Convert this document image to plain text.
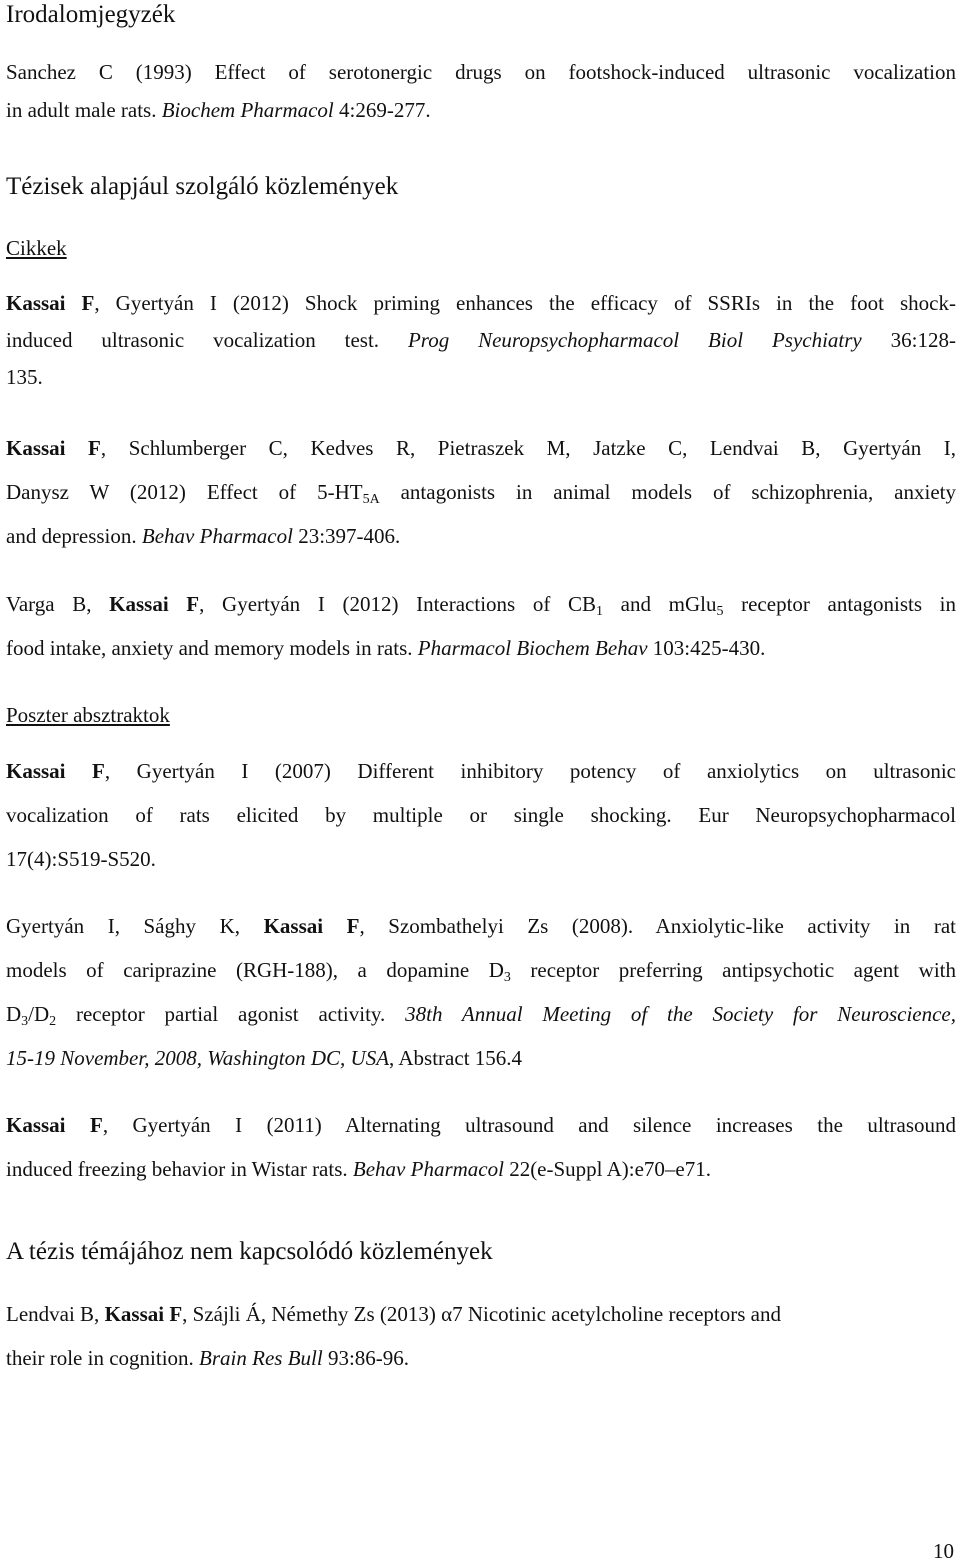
Irodalomjegyzék
Sanchez C (1993) Effect of serotonergic drugs on footshock-induced ultrasonic vocalization
in adult male rats. Biochem Pharmacol 4:269-277.
Tézisek alapjául szolgáló közlemények
Cikkek
Kassai F, Gyertyán I (2012) Shock priming enhances the efficacy of SSRIs in the foot shock-
induced ultrasonic vocalization test. Prog Neuropsychopharmacol Biol Psychiatry 36:128-
135.
Kassai F, Schlumberger C, Kedves R, Pietraszek M, Jatzke C, Lendvai B, Gyertyán I,
Danysz W (2012) Effect of $5-HT_{5A}$ antagonists in animal models of schizophrenia, anxiety
and depression. Behav Pharmacol 23:397-406.
Varga B, Kassai F, Gyertyán I (2012) Interactions of $CB_1$ and mGlu$_5$ receptor antagonists in
food intake, anxiety and memory models in rats. Pharmacol Biochem Behav 103:425-430.
Poszter absztraktok
Kassai F, Gyertyán I (2007) Different inhibitory potency of anxiolytics on ultrasonic
vocalization of rats elicited by multiple or single shocking. Eur Neuropsychopharmacol
17(4):S519-S520.
Gyertyán I, Sághy K, Kassai F, Szombathelyi Zs (2008). Anxiolytic-like activity in rat
models of cariprazine (RGH-188), a dopamine $D_3$ receptor preferring antipsychotic agent with
$D_3/D_2$ receptor partial agonist activity. 38th Annual Meeting of the Society for Neuroscience,
15-19 November, 2008, Washington DC, USA, Abstract 156.4
Kassai F, Gyertyán I (2011) Alternating ultrasound and silence increases the ultrasound
induced freezing behavior in Wistar rats. Behav Pharmacol 22(e-Suppl A):e70–e71.
A tézis témájához nem kapcsolódó közlemények
Lendvai B, Kassai F, Szájli Á, Némethy Zs (2013) α7 Nicotinic acetylcholine receptors and
their role in cognition. Brain Res Bull 93:86-96.
10
